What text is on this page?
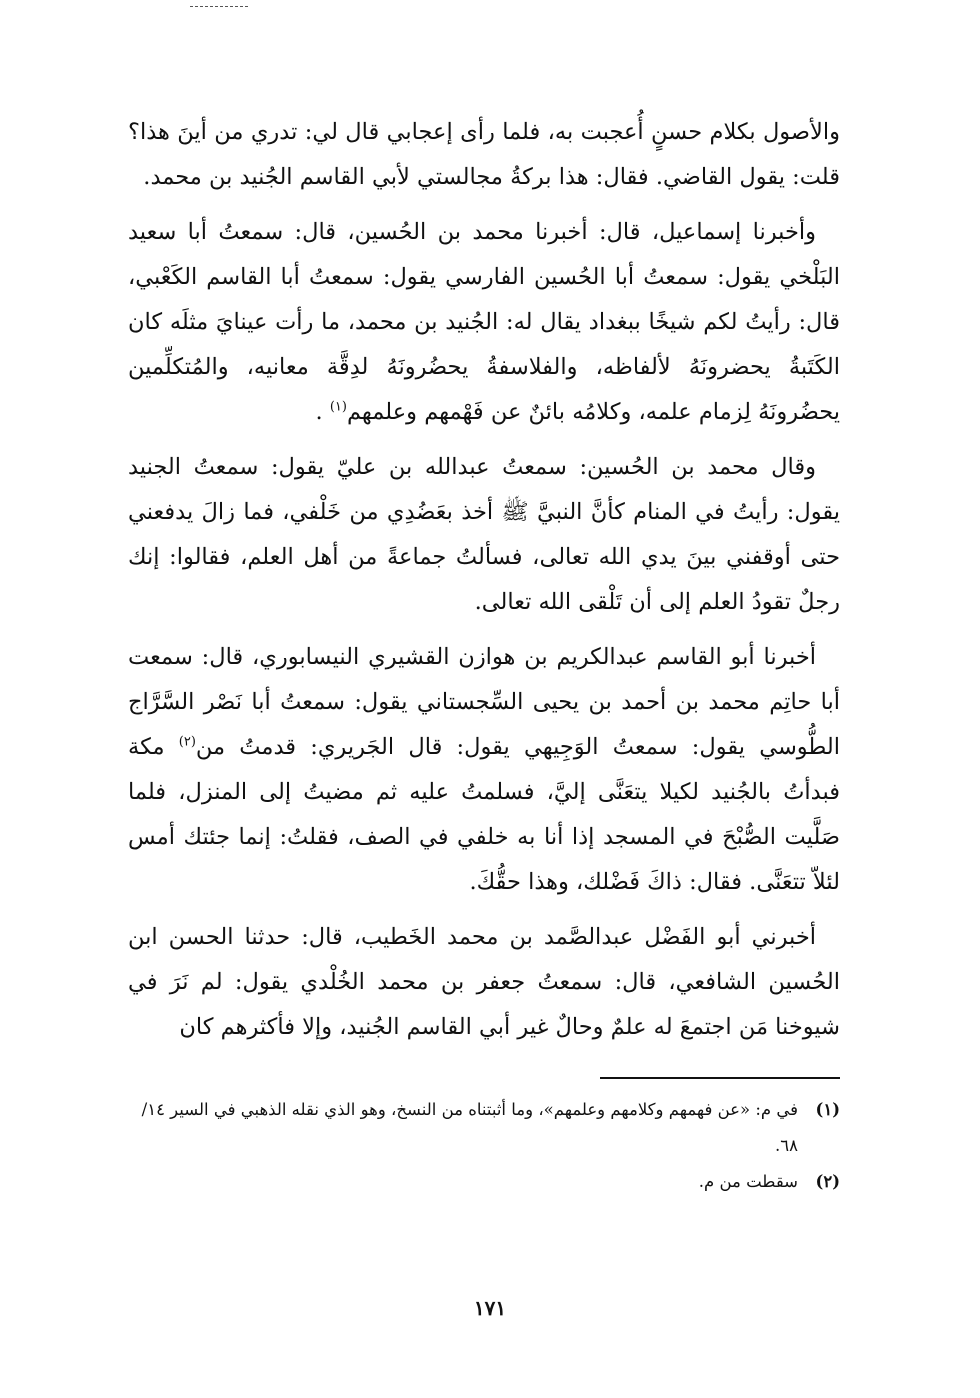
والأصول بكلام حسنٍ أُعجبت به، فلما رأى إعجابي قال لي: تدري من أينَ هذا؟ قلت: يقول القاضي. فقال: هذا بركةُ مجالستي لأبي القاسم الجُنيد بن محمد.

وأخبرنا إسماعيل، قال: أخبرنا محمد بن الحُسين، قال: سمعتُ أبا سعيد البَلْخي يقول: سمعتُ أبا الحُسين الفارسي يقول: سمعتُ أبا القاسم الكَعْبي، قال: رأيتُ لكم شيخًا ببغداد يقال له: الجُنيد بن محمد، ما رأت عينايَ مثلَه كان الكَتَبةُ يحضرونَهُ لألفاظه، والفلاسفةُ يحضُرونَهُ لدِقَّة معانيه، والمُتكلِّمين يحضُرونَهُ لِزمام علمه، وكلامُه بائنٌ عن فَهْمهم وعلمهم$^{(١)}$ .

وقال محمد بن الحُسين: سمعتُ عبدالله بن عليّ يقول: سمعتُ الجنيد يقول: رأيتُ في المنام كأنَّ النبيَّ ﷺ أخذ بعَضُدِي من خَلْفي، فما زالَ يدفعني حتى أوقفني بينَ يدي الله تعالى، فسألتُ جماعةً من أهل العلم، فقالوا: إنك رجلٌ تقودُ العلم إلى أن تَلْقى الله تعالى.

أخبرنا أبو القاسم عبدالكريم بن هوازن القشيري النيسابوري، قال: سمعت أبا حاتِم محمد بن أحمد بن يحيى السِّجستاني يقول: سمعتُ أبا نَصْر السَّرَّاج الطُّوسي يقول: سمعتُ الوَجِيهي يقول: قال الجَريري: قدمتُ من$^{(٢)}$ مكة فبدأتُ بالجُنيد لكيلا يتعَنَّى إليَّ، فسلمتُ عليه ثم مضيتُ إلى المنزل، فلما صَلَّيت الصُّبْحَ في المسجد إذا أنا به خلفي في الصف، فقلتُ: إنما جئتك أمس لئلاّ تتعَنَّى. فقال: ذاكَ فَضْلك، وهذا حقُّكَ.

أخبرني أبو الفَضْل عبدالصَّمد بن محمد الخَطيب، قال: حدثنا الحسن ابن الحُسين الشافعي، قال: سمعتُ جعفر بن محمد الخُلْدي يقول: لم نَرَ في شيوخنا مَن اجتمعَ له علمٌ وحالٌ غير أبي القاسم الجُنيد، وإلا فأكثرهم كان

(١)
في م: «عن فهمهم وكلامهم وعلمهم»، وما أثبتناه من النسخ، وهو الذي نقله الذهبي في السير ١٤/ ٦٨.

(٢)
سقطت من م.

١٧١
